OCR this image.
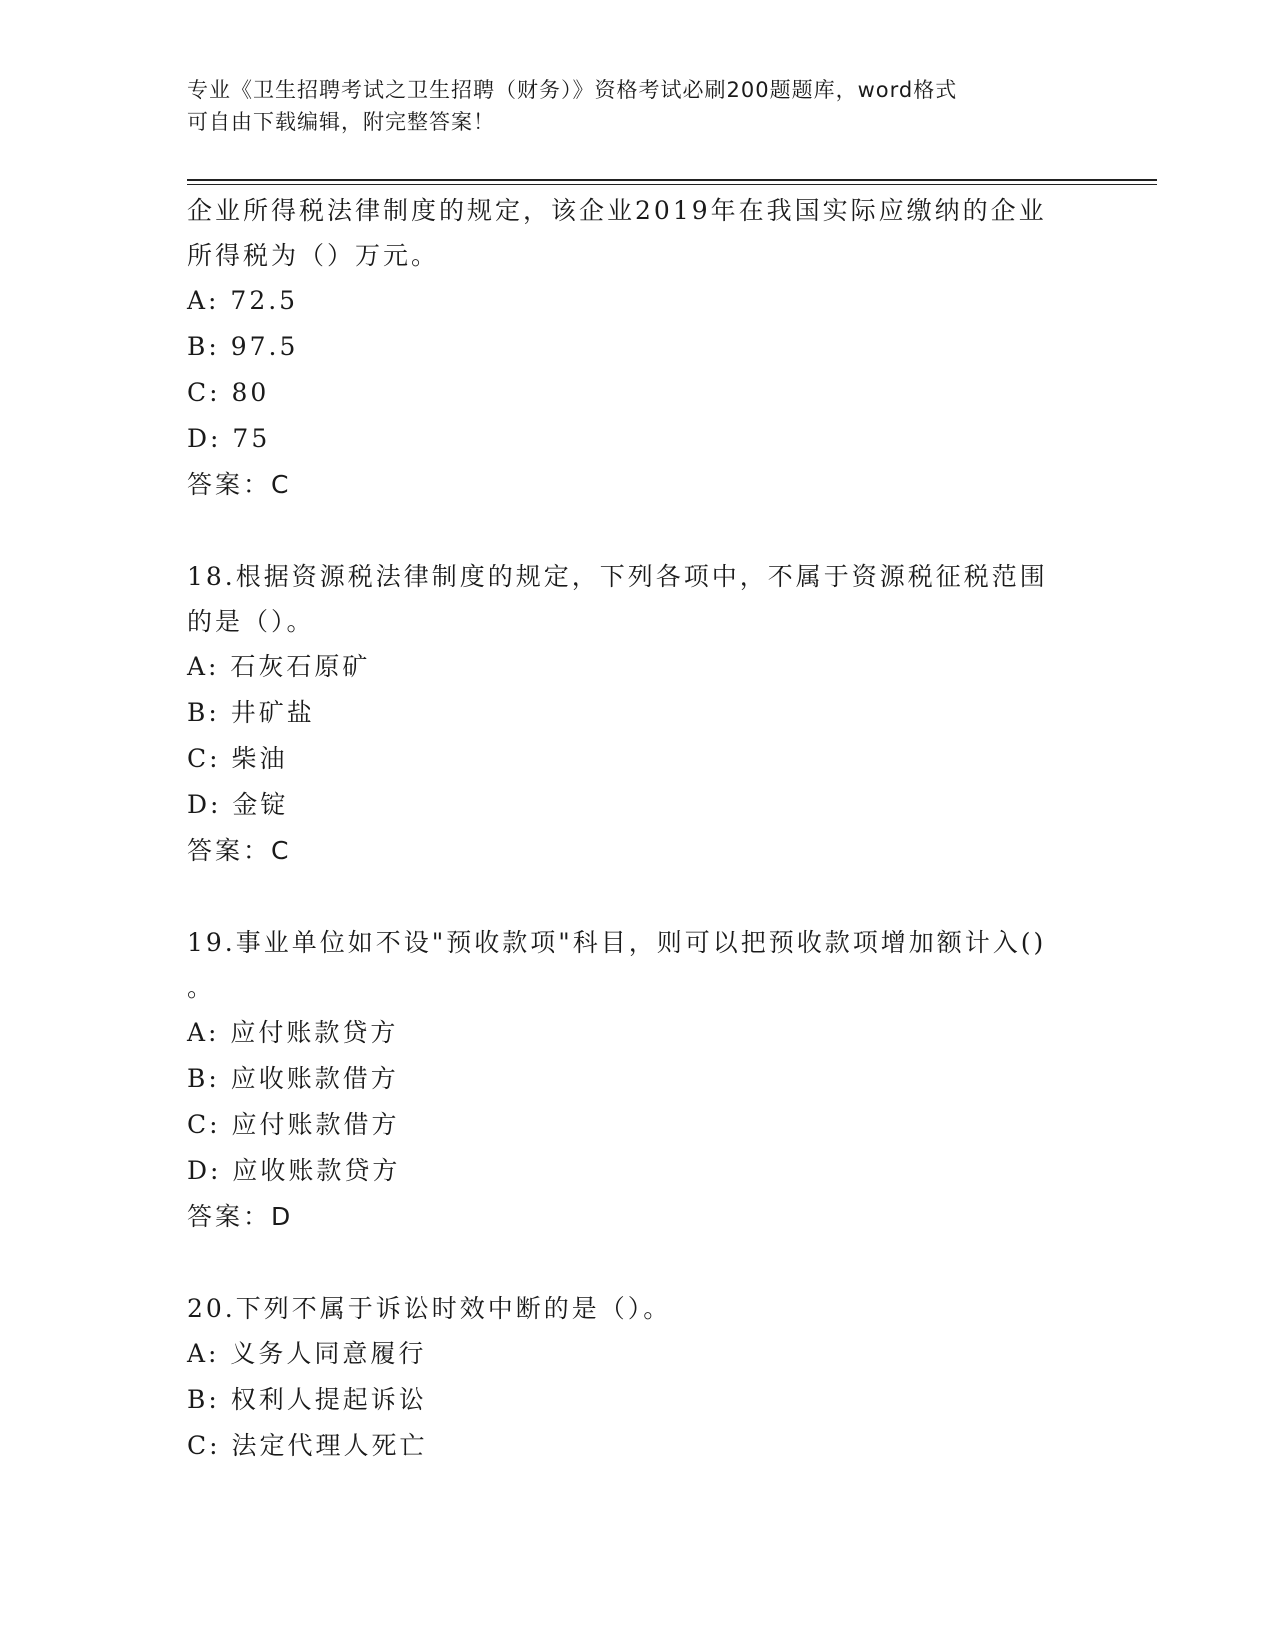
专业《卫生招聘考试之卫生招聘（财务）》资格考试必刷200题题库，word格式
可自由下载编辑，附完整答案！

企业所得税法律制度的规定，该企业2019年在我国实际应缴纳的企业

所得税为（）万元。

A: 72.5

B: 97.5

C: 80

D: 75

答案：C

18.根据资源税法律制度的规定，下列各项中，不属于资源税征税范围

的是（）。

A: 石灰石原矿

B: 井矿盐

C: 柴油

D: 金锭

答案：C

19.事业单位如不设"预收款项"科目，则可以把预收款项增加额计入()

。

A: 应付账款贷方

B: 应收账款借方

C: 应付账款借方

D: 应收账款贷方

答案：D

20.下列不属于诉讼时效中断的是（）。

A: 义务人同意履行

B: 权利人提起诉讼

C: 法定代理人死亡
